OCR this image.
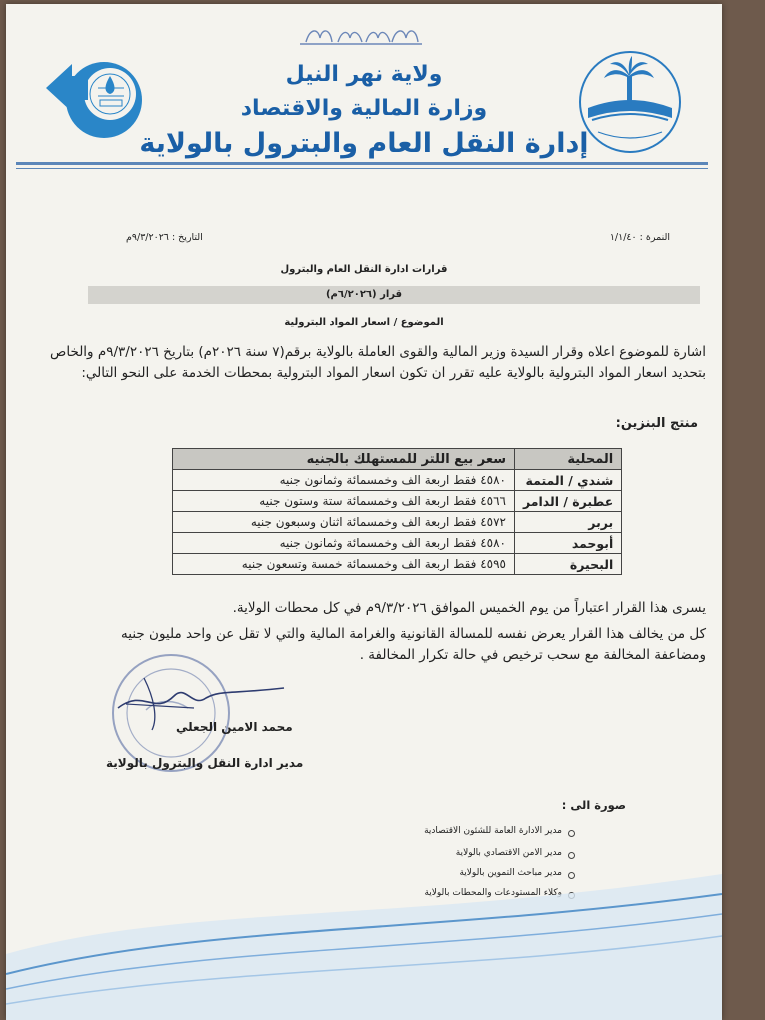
ولاية نهر النيل
وزارة المالية والاقتصاد
إدارة النقل العام والبترول بالولاية
النمرة : ١/١/٤٠
التاريخ : ٩/٣/٢٠٢٦م
قرارات ادارة النقل العام والبترول
قرار (٦/٢٠٢٦م)
الموضوع / اسعار المواد البترولية
اشارة للموضوع اعلاه وقرار السيدة وزير المالية والقوى العاملة بالولاية برقم(٧ سنة ٢٠٢٦م) بتاريخ ٩/٣/٢٠٢٦م والخاص بتحديد اسعار المواد البترولية بالولاية عليه تقرر ان تكون اسعار المواد البترولية بمحطات الخدمة على النحو التالي:
منتج البنزين:
المحلية	سعر بيع اللتر للمستهلك بالجنيه
شندي / المتمة	٤٥٨٠ فقط اربعة الف وخمسمائة وثمانون جنيه
عطبرة / الدامر	٤٥٦٦ فقط اربعة الف وخمسمائة ستة وستون جنيه
بربر	٤٥٧٢ فقط اربعة الف وخمسمائة اثنان وسبعون جنيه
أبوحمد	٤٥٨٠ فقط اربعة الف وخمسمائة وثمانون جنيه
البحيرة	٤٥٩٥ فقط اربعة الف وخمسمائة خمسة وتسعون جنيه
يسرى هذا القرار اعتباراً من يوم الخميس الموافق ٩/٣/٢٠٢٦م في كل محطات الولاية.
كل من يخالف هذا القرار يعرض نفسه للمسالة القانونية والغرامة المالية والتي لا تقل عن واحد مليون جنيه ومضاعفة المخالفة مع سحب ترخيص في حالة تكرار المخالفة .
محمد الامين الجعلي
مدير ادارة النقل والبترول بالولاية
صورة الى :
مدير الادارة العامة للشئون الاقتصادية
مدير الامن الاقتصادي بالولاية
مدير مباحث التموين بالولاية
وكلاء المستودعات والمحطات بالولاية
